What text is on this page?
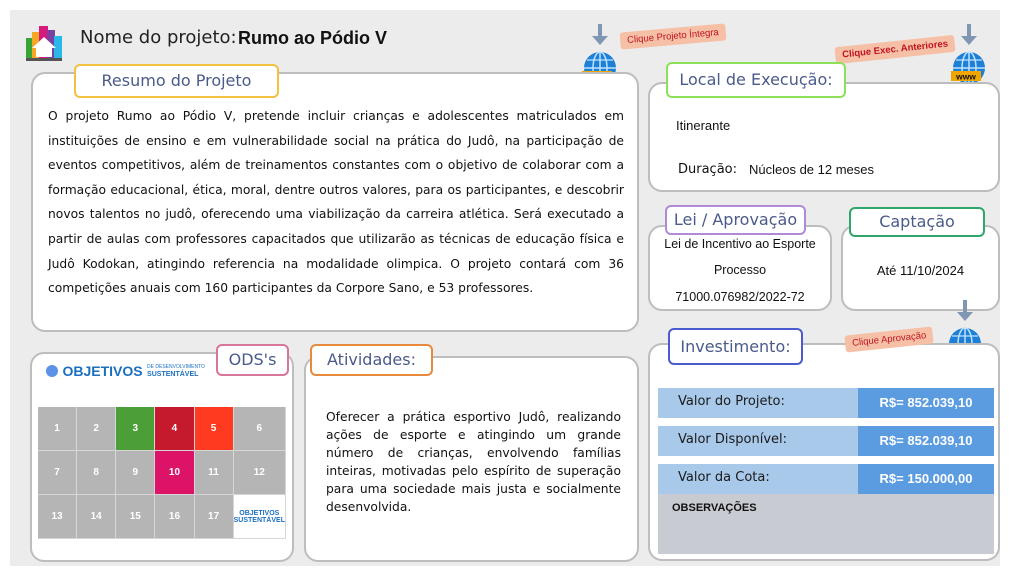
Nome do projeto: Rumo ao Pódio V	Clique Projeto Íntegra
Clique Exec. Anteriores
www
O projeto Rumo ao Pódio V, pretende incluir crianças e adolescentes matriculados em
instituições de ensino e em vulnerabilidade social na prática do Judô, na participação de
eventos competitivos, além de treinamentos constantes com o objetivo de colaborar com a
formação educacional, ética, moral, dentre outros valores, para os participantes, e descobrir
novos talentos no judô, oferecendo uma viabilização da carreira atlética. Será executado a
partir de aulas com professores capacitados que utilizarão as técnicas de educação física e
Judô Kodokan, atingindo referencia na modalidade olimpica. O projeto contará com 36
competições anuais com 160 participantes da Corpore Sano, e 53 professores.
Resumo do Projeto
Itinerante
Duração: Núcleos de 12 meses
Local de Execução:
Lei de Incentivo ao Esporte
Processo
71000.076982/2022-72
Lei / Aprovação
Até 11/10/2024
Captação
Valor do Projeto:	R$= 852.039,10
Valor Disponível:	R$= 852.039,10
Valor da Cota:	R$= 150.000,00
OBSERVAÇÕES
Investimento:	Clique Aprovação
OBJETIVOS DE DESENVOLVIMENTO
SUSTENTÁVEL
1	2	3	4	5	6
7	8	9	10	11	12
13	14	15	16	17	OBJETIVOS SUSTENTÁVEL
ODS's
Oferecer a prática esportivo Judô, realizando
ações de esporte e atingindo um grande
número de crianças, envolvendo famílias
inteiras, motivadas pelo espírito de superação
para uma sociedade mais justa e socialmente
desenvolvida.
Atividades:
